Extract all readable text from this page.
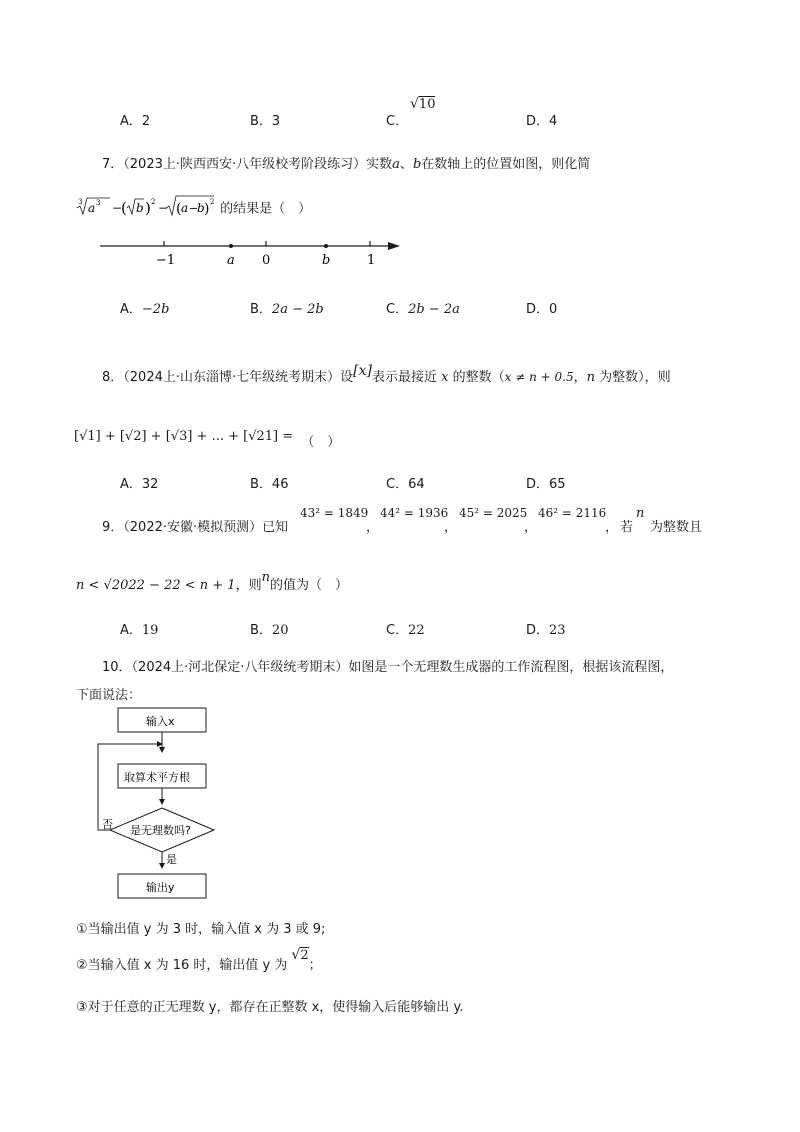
A．2	B．3	C．
√10
D．4
7．（2023上·陕西西安·八年级校考阶段练习）实数a、b在数轴上的位置如图，则化简
3 a 3 −
( b ) 2 − ( a −
b ) 2 的结果是（　）
−1	a 0	b	1
A．−2b	B．2a − 2b	C．2b − 2a	D．0
8．（2024上·山东淄博·七年级统考期末）设[x]表示最接近 x 的整数（x ≠ n + 0.5，n 为整数），则
[√1] + [√2] + [√3] + ... + [√21] = （　）
A．32	B．46	C．64	D．65
9．（2022·安徽·模拟预测）已知
43² = 1849
，
44² = 1936
，
45² = 2025
，
46² = 2116
， 若
n
为整数且
n < √2022 − 22 < n + 1，则n的值为（　）
A．19	B．20	C．22	D．23
10．（2024上·河北保定·八年级统考期末）如图是一个无理数生成器的工作流程图，根据该流程图，
下面说法：
输入x
取算术平方根
是无理数吗?
否
是
输出y
①当输出值 y 为 3 时，输入值 x 为 3 或 9;
②当输入值 x 为 16 时，输出值 y 为√2；
③对于任意的正无理数 y，都存在正整数 x，使得输入后能够输出 y.
